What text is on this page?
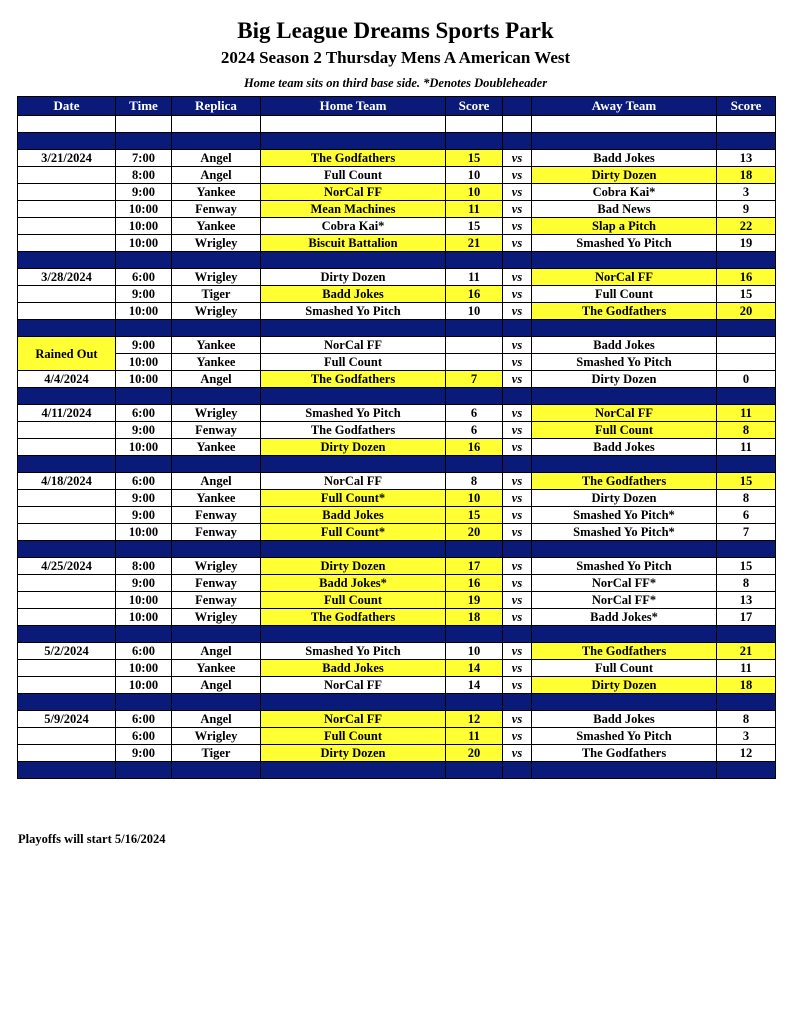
Big League Dreams Sports Park
2024 Season 2 Thursday Mens A American West
Home team sits on third base side. *Denotes Doubleheader
Date	Time	Replica	Home Team	Score		Away Team	Score

3/21/2024	7:00	Angel	The Godfathers	15	vs	Badd Jokes	13
	8:00	Angel	Full Count	10	vs	Dirty Dozen	18
	9:00	Yankee	NorCal FF	10	vs	Cobra Kai*	3
	10:00	Fenway	Mean Machines	11	vs	Bad News	9
	10:00	Yankee	Cobra Kai*	15	vs	Slap a Pitch	22
	10:00	Wrigley	Biscuit Battalion	21	vs	Smashed Yo Pitch	19

3/28/2024	6:00	Wrigley	Dirty Dozen	11	vs	NorCal FF	16
	9:00	Tiger	Badd Jokes	16	vs	Full Count	15
	10:00	Wrigley	Smashed Yo Pitch	10	vs	The Godfathers	20

Rained Out	9:00	Yankee	NorCal FF		vs	Badd Jokes	
	10:00	Yankee	Full Count		vs	Smashed Yo Pitch	
4/4/2024	10:00	Angel	The Godfathers	7	vs	Dirty Dozen	0

4/11/2024	6:00	Wrigley	Smashed Yo Pitch	6	vs	NorCal FF	11
	9:00	Fenway	The Godfathers	6	vs	Full Count	8
	10:00	Yankee	Dirty Dozen	16	vs	Badd Jokes	11

4/18/2024	6:00	Angel	NorCal FF	8	vs	The Godfathers	15
	9:00	Yankee	Full Count*	10	vs	Dirty Dozen	8
	9:00	Fenway	Badd Jokes	15	vs	Smashed Yo Pitch*	6
	10:00	Fenway	Full Count*	20	vs	Smashed Yo Pitch*	7

4/25/2024	8:00	Wrigley	Dirty Dozen	17	vs	Smashed Yo Pitch	15
	9:00	Fenway	Badd Jokes*	16	vs	NorCal FF*	8
	10:00	Fenway	Full Count	19	vs	NorCal FF*	13
	10:00	Wrigley	The Godfathers	18	vs	Badd Jokes*	17

5/2/2024	6:00	Angel	Smashed Yo Pitch	10	vs	The Godfathers	21
	10:00	Yankee	Badd Jokes	14	vs	Full Count	11
	10:00	Angel	NorCal FF	14	vs	Dirty Dozen	18

5/9/2024	6:00	Angel	NorCal FF	12	vs	Badd Jokes	8
	6:00	Wrigley	Full Count	11	vs	Smashed Yo Pitch	3
	9:00	Tiger	Dirty Dozen	20	vs	The Godfathers	12

Playoffs will start 5/16/2024
